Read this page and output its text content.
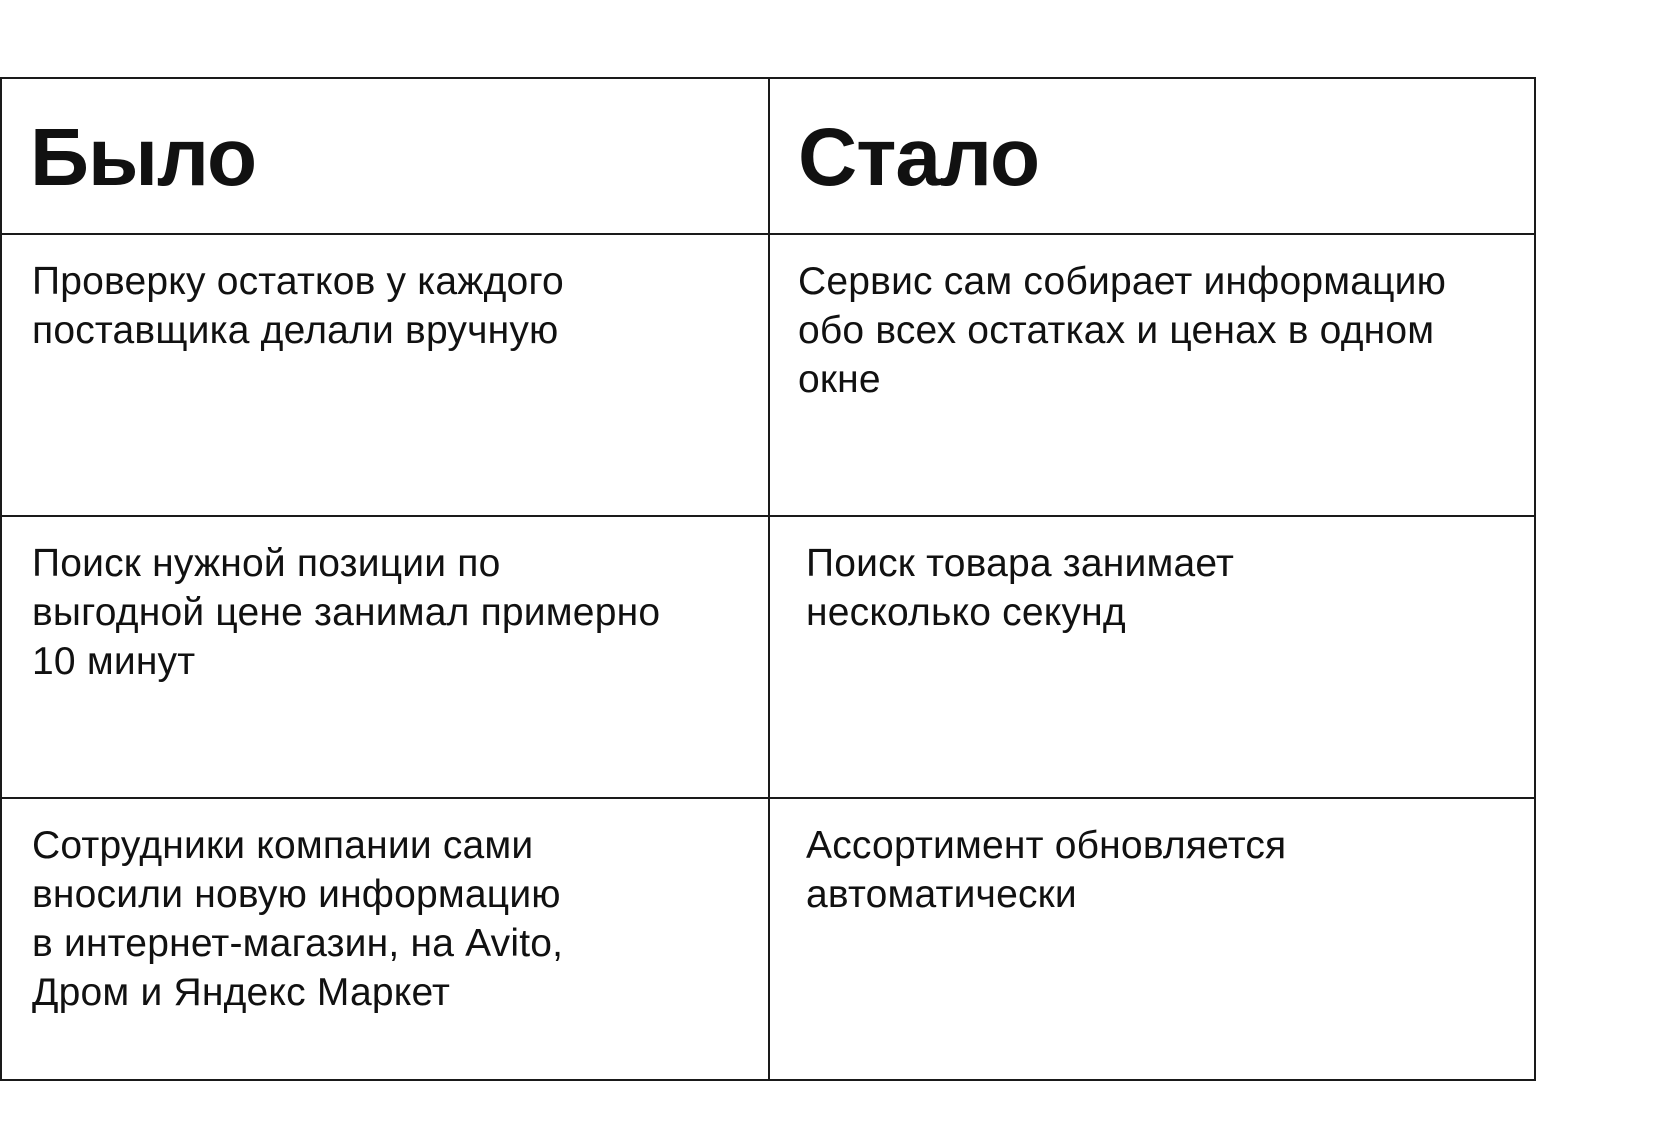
Было	Стало

Проверку остатков у каждого
поставщика делали вручную	Сервис сам собирает информацию
обо всех остатках и ценах в одном
окне

Поиск нужной позиции по
выгодной цене занимал примерно
10 минут	Поиск товара занимает
несколько секунд

Сотрудники компании сами
вносили новую информацию
в интернет-магазин, на Avito,
Дром и Яндекс Маркет	Ассортимент обновляется
автоматически
